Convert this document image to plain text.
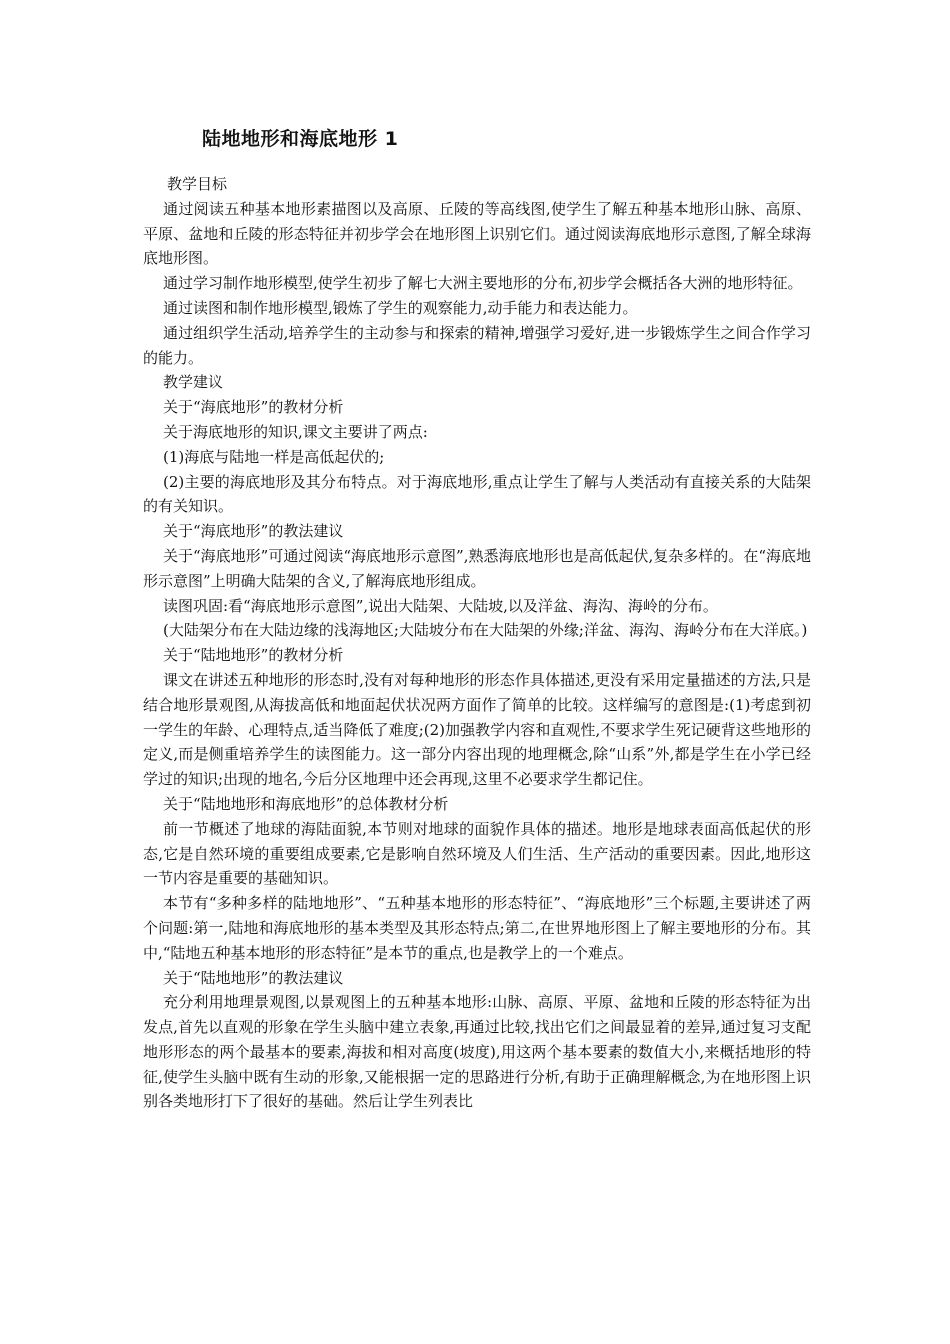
陆地地形和海底地形 1

教学目标

通过阅读五种基本地形素描图以及高原、丘陵的等高线图,使学生了解五种基本地形山脉、高原、平原、盆地和丘陵的形态特征并初步学会在地形图上识别它们。通过阅读海底地形示意图,了解全球海底地形图。

通过学习制作地形模型,使学生初步了解七大洲主要地形的分布,初步学会概括各大洲的地形特征。

通过读图和制作地形模型,锻炼了学生的观察能力,动手能力和表达能力。

通过组织学生活动,培养学生的主动参与和探索的精神,增强学习爱好,进一步锻炼学生之间合作学习的能力。

教学建议

关于“海底地形”的教材分析

关于海底地形的知识,课文主要讲了两点:

(1)海底与陆地一样是高低起伏的;

(2)主要的海底地形及其分布特点。对于海底地形,重点让学生了解与人类活动有直接关系的大陆架的有关知识。

关于“海底地形”的教法建议

关于“海底地形”可通过阅读“海底地形示意图”,熟悉海底地形也是高低起伏,复杂多样的。在“海底地形示意图”上明确大陆架的含义,了解海底地形组成。

读图巩固:看“海底地形示意图”,说出大陆架、大陆坡,以及洋盆、海沟、海岭的分布。

(大陆架分布在大陆边缘的浅海地区;大陆坡分布在大陆架的外缘;洋盆、海沟、海岭分布在大洋底。)

关于“陆地地形”的教材分析

课文在讲述五种地形的形态时,没有对每种地形的形态作具体描述,更没有采用定量描述的方法,只是结合地形景观图,从海拔高低和地面起伏状况两方面作了简单的比较。这样编写的意图是:(1)考虑到初一学生的年龄、心理特点,适当降低了难度;(2)加强教学内容和直观性,不要求学生死记硬背这些地形的定义,而是侧重培养学生的读图能力。这一部分内容出现的地理概念,除“山系”外,都是学生在小学已经学过的知识;出现的地名,今后分区地理中还会再现,这里不必要求学生都记住。

关于“陆地地形和海底地形”的总体教材分析

前一节概述了地球的海陆面貌,本节则对地球的面貌作具体的描述。地形是地球表面高低起伏的形态,它是自然环境的重要组成要素,它是影响自然环境及人们生活、生产活动的重要因素。因此,地形这一节内容是重要的基础知识。

本节有“多种多样的陆地地形”、“五种基本地形的形态特征”、“海底地形”三个标题,主要讲述了两个问题:第一,陆地和海底地形的基本类型及其形态特点;第二,在世界地形图上了解主要地形的分布。其中,“陆地五种基本地形的形态特征”是本节的重点,也是教学上的一个难点。

关于“陆地地形”的教法建议

充分利用地理景观图,以景观图上的五种基本地形:山脉、高原、平原、盆地和丘陵的形态特征为出发点,首先以直观的形象在学生头脑中建立表象,再通过比较,找出它们之间最显着的差异,通过复习支配地形形态的两个最基本的要素,海拔和相对高度(坡度),用这两个基本要素的数值大小,来概括地形的特征,使学生头脑中既有生动的形象,又能根据一定的思路进行分析,有助于正确理解概念,为在地形图上识别各类地形打下了很好的基础。然后让学生列表比
